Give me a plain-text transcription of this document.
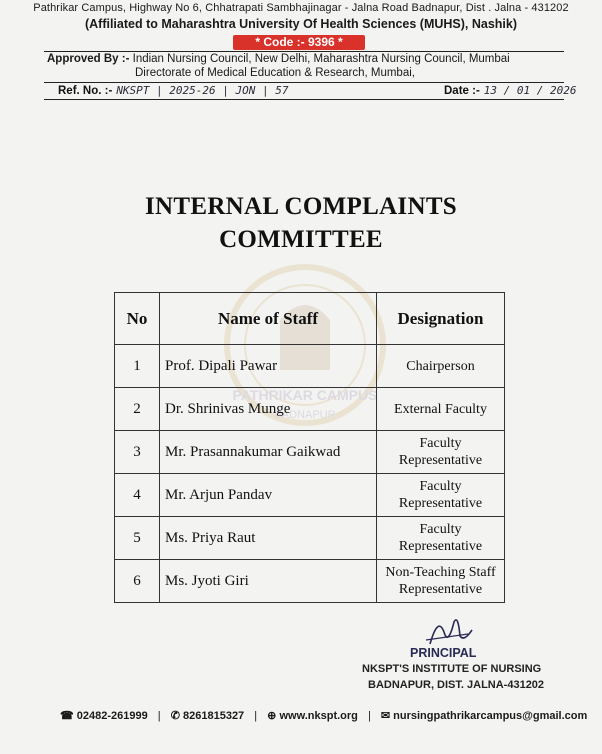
Pathrikar Campus, Highway No 6, Chhatrapati Sambhajinagar - Jalna Road Badnapur, Dist . Jalna - 431202
(Affiliated to Maharashtra University Of Health Sciences (MUHS), Nashik)
* Code :- 9396 *
Approved By :- Indian Nursing Council, New Delhi, Maharashtra Nursing Council, Mumbai
Directorate of Medical Education & Research, Mumbai,
Ref. No. :- NKSPT | 2025-26 | JON | 57	Date :- 13 / 01 / 2026
PATHRIKAR CAMPUS
BADNAPUR
INTERNAL COMPLAINTS
COMMITTEE
No	Name of Staff	Designation
1	Prof. Dipali Pawar	Chairperson
2	Dr. Shrinivas Munge	External Faculty
3	Mr. Prasannakumar Gaikwad	Faculty
Representative

4	Mr. Arjun Pandav	Faculty
Representative

5	Ms. Priya Raut	Faculty
Representative

6	Ms. Jyoti Giri	Non-Teaching Staff
Representative
PRINCIPAL
NKSPT'S INSTITUTE OF NURSING
BADNAPUR, DIST. JALNA-431202
☎ 02482-261999 | ✆ 8261815327 | ⊕ www.nkspt.org | ✉ nursingpathrikarcampus@gmail.com
